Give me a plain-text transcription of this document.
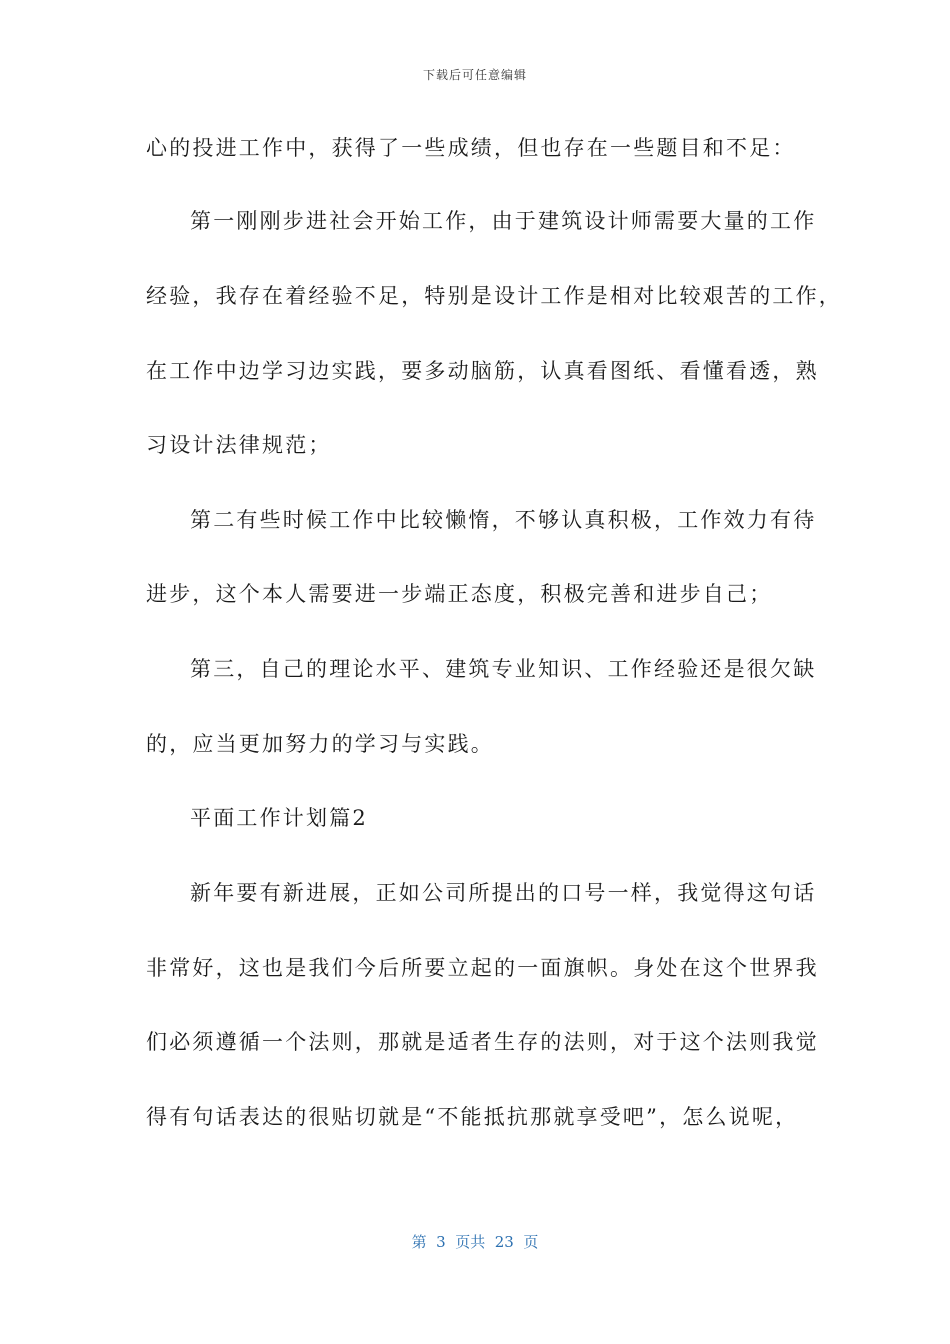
下载后可任意编辑
心的投进工作中，获得了一些成绩，但也存在一些题目和不足：
第一刚刚步进社会开始工作，由于建筑设计师需要大量的工作
经验，我存在着经验不足，特别是设计工作是相对比较艰苦的工作，
在工作中边学习边实践，要多动脑筋，认真看图纸、看懂看透，熟
习设计法律规范；
第二有些时候工作中比较懒惰，不够认真积极，工作效力有待
进步，这个本人需要进一步端正态度，积极完善和进步自己；
第三，自己的理论水平、建筑专业知识、工作经验还是很欠缺
的，应当更加努力的学习与实践。
平面工作计划篇2
新年要有新进展，正如公司所提出的口号一样，我觉得这句话
非常好，这也是我们今后所要立起的一面旗帜。身处在这个世界我
们必须遵循一个法则，那就是适者生存的法则，对于这个法则我觉
得有句话表达的很贴切就是“不能抵抗那就享受吧”，怎么说呢，
第  3  页共  23  页
